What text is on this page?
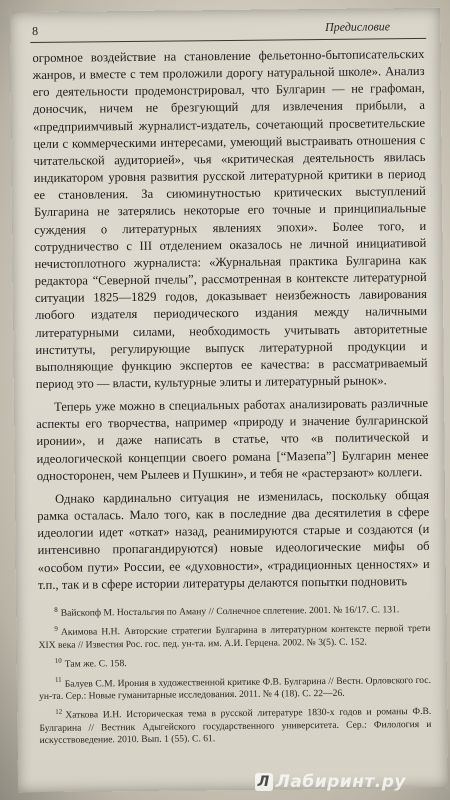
8	Предисловие

огромное воздействие на становление фельетонно-бытописательских жанров, и вместе с тем проложили дорогу натуральной школе». Анализ его деятельности продемонстрировал, что Булгарин — не графоман, доносчик, ничем не брезгующий для извлечения прибыли, а «предприимчивый журналист-издатель, сочетающий просветительские цели с коммерческими интересами, умеющий выстраивать отношения с читательской аудиторией», чья «критическая деятельность явилась индикатором уровня развития русской литературной критики в период ее становления. За сиюминутностью критических выступлений Булгарина не затерялись некоторые его точные и принципиальные суждения о литературных явлениях эпохи». Более того, и сотрудничество с III отделением оказалось не личной инициативой нечистоплотного журналиста: «Журнальная практика Булгарина как редактора “Северной пчелы”, рассмотренная в контексте литературной ситуации 1825—1829 годов, доказывает неизбежность лавирования любого издателя периодического издания между наличными литературными силами, необходимость учитывать авторитетные институты, регулирующие выпуск литературной продукции и выполняющие функцию экспертов ее качества: в рассматриваемый период это — власти, культурные элиты и литературный рынок».

Теперь уже можно в специальных работах анализировать различные аспекты его творчества, например «природу и значение булгаринской иронии», и даже написать в статье, что «в политической и идеологической концепции своего романа [“Мазепа”] Булгарин менее односторонен, чем Рылеев и Пушкин», и тебя не «растерзают» коллеги.

Однако кардинально ситуация не изменилась, поскольку общая рамка осталась. Мало того, как в последние два десятилетия в сфере идеологии идет «откат» назад, реанимируются старые и создаются (и интенсивно пропагандируются) новые идеологические мифы об «особом пути» России, ее «духовности», «традиционных ценностях» и т.п., так и в сфере истории литературы делаются попытки подновить

$^8$ Вайскопф М. Ностальгия по Аману // Солнечное сплетение. 2001. № 16/17. С. 131.

$^9$ Акимова Н.Н. Авторские стратегии Булгарина в литературном контексте первой трети XIX века // Известия Рос. гос. пед. ун-та. им. А.И. Герцена. 2002. № 3(5). С. 152.

$^{10}$ Там же. С. 158.

$^{11}$ Балуев С.М. Ирония в художественной критике Ф.В. Булгарина // Вестн. Орловского гос. ун-та. Сер.: Новые гуманитарные исследования. 2011. № 4 (18). С. 22—26.

$^{12}$ Хаткова И.Н. Историческая тема в русской литературе 1830-х годов и романы Ф.В. Булгарина // Вестник Адыгейского государственного университета. Сер.: Филология и искусствоведение. 2010. Вып. 1 (55). С. 61.

Л Лабиринт.ру
